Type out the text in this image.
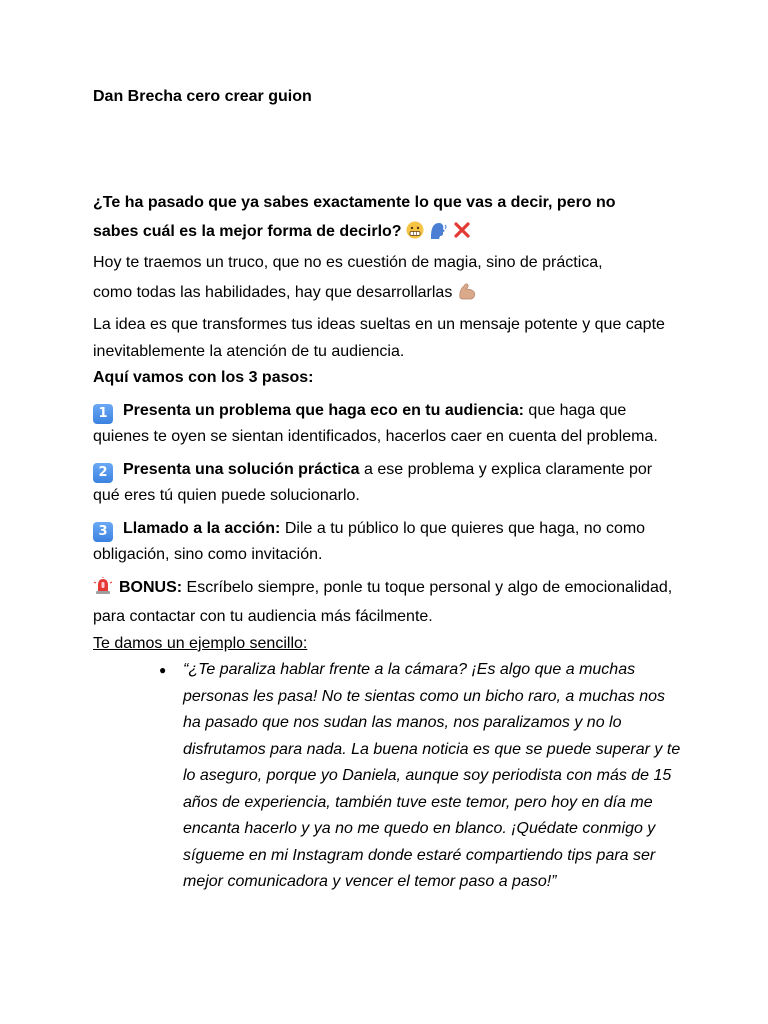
Dan Brecha cero crear guion

¿Te ha pasado que ya sabes exactamente lo que vas a decir, pero no

sabes cuál es la mejor forma de decirlo?

Hoy te traemos un truco, que no es cuestión de magia, sino de práctica,

como todas las habilidades, hay que desarrollarlas

La idea es que transformes tus ideas sueltas en un mensaje potente y que capte inevitablemente la atención de tu audiencia.

Aquí vamos con los 3 pasos:

1 Presenta un problema que haga eco en tu audiencia: que haga que quienes te oyen se sientan identificados, hacerlos caer en cuenta del problema.

2 Presenta una solución práctica a ese problema y explica claramente por qué eres tú quien puede solucionarlo.

3 Llamado a la acción: Dile a tu público lo que quieres que haga, no como obligación, sino como invitación.

BONUS: Escríbelo siempre, ponle tu toque personal y algo de emocionalidad, para contactar con tu audiencia más fácilmente.

Te damos un ejemplo sencillo:

● “¿Te paraliza hablar frente a la cámara? ¡Es algo que a muchas personas les pasa! No te sientas como un bicho raro, a muchas nos ha pasado que nos sudan las manos, nos paralizamos y no lo disfrutamos para nada. La buena noticia es que se puede superar y te lo aseguro, porque yo Daniela, aunque soy periodista con más de 15 años de experiencia, también tuve este temor, pero hoy en día me encanta hacerlo y ya no me quedo en blanco. ¡Quédate conmigo y sígueme en mi Instagram donde estaré compartiendo tips para ser mejor comunicadora y vencer el temor paso a paso!”
